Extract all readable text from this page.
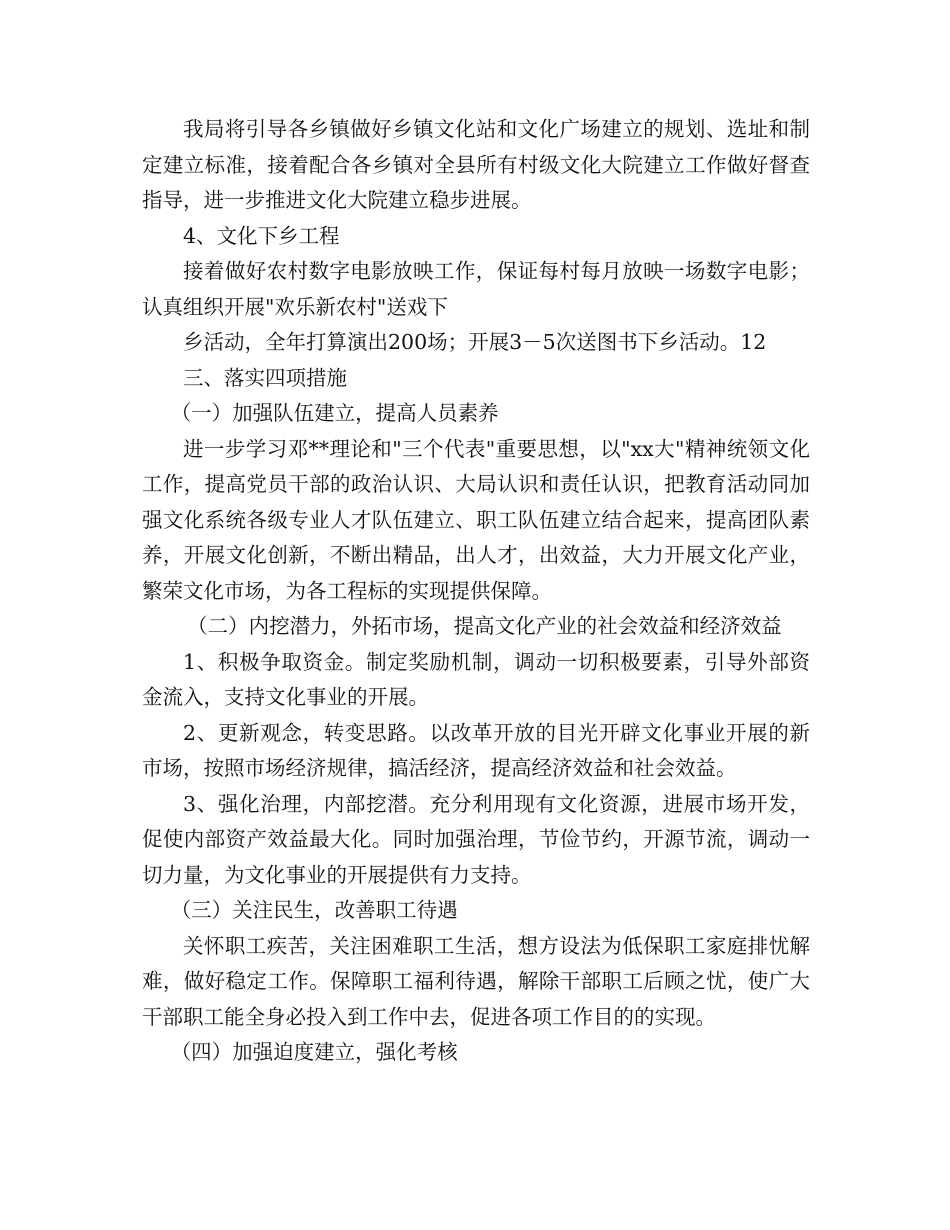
我局将引导各乡镇做好乡镇文化站和文化广场建立的规划、选址和制定建立标准，接着配合各乡镇对全县所有村级文化大院建立工作做好督查指导，进一步推进文化大院建立稳步进展。

4、文化下乡工程

接着做好农村数字电影放映工作，保证每村每月放映一场数字电影；认真组织开展"欢乐新农村"送戏下

乡活动，全年打算演出200场；开展3－5次送图书下乡活动。12

三、落实四项措施

（一）加强队伍建立，提高人员素养

进一步学习邓**理论和"三个代表"重要思想，以"xx大"精神统领文化工作，提高党员干部的政治认识、大局认识和责任认识，把教育活动同加强文化系统各级专业人才队伍建立、职工队伍建立结合起来，提高团队素养，开展文化创新，不断出精品，出人才，出效益，大力开展文化产业，繁荣文化市场，为各工程标的实现提供保障。

（二）内挖潜力，外拓市场，提高文化产业的社会效益和经济效益

1、积极争取资金。制定奖励机制，调动一切积极要素，引导外部资金流入，支持文化事业的开展。

2、更新观念，转变思路。以改革开放的目光开辟文化事业开展的新市场，按照市场经济规律，搞活经济，提高经济效益和社会效益。

3、强化治理，内部挖潜。充分利用现有文化资源，进展市场开发，促使内部资产效益最大化。同时加强治理，节俭节约，开源节流，调动一切力量，为文化事业的开展提供有力支持。

（三）关注民生，改善职工待遇

关怀职工疾苦，关注困难职工生活，想方设法为低保职工家庭排忧解难，做好稳定工作。保障职工福利待遇，解除干部职工后顾之忧，使广大干部职工能全身必投入到工作中去，促进各项工作目的的实现。

（四）加强迫度建立，强化考核
